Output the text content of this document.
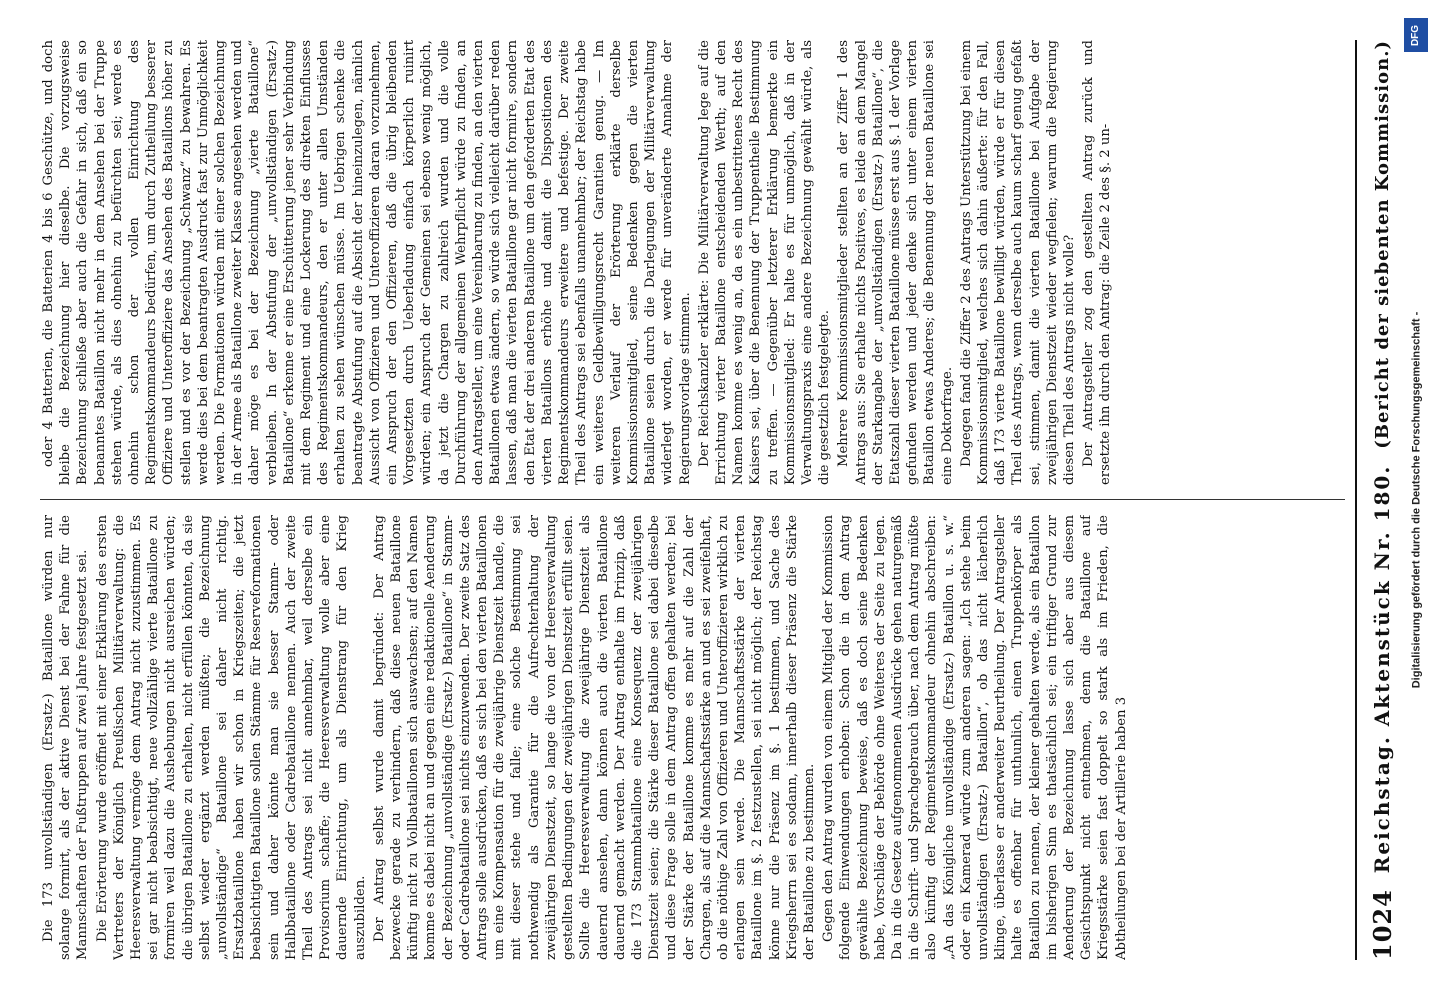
1024
Reichstag. Aktenstück Nr. 180.
(Bericht der siebenten Kommission.)

Die 173 unvollständigen (Ersatz-) Bataillone würden nur solange formirt, als der aktive Dienst bei der Fahne für die Mannschaften der Fußtruppen auf zwei Jahre festgesetzt sei. Die Erörterung wurde eröffnet mit einer Erklärung des ersten Vertreters der Königlich Preußischen Militärverwaltung: die Heeresverwaltung vermöge dem Antrag nicht zuzustimmen. Es sei gar nicht beabsichtigt, neue vollzählige vierte Bataillone zu formiren weil dazu die Aushebungen nicht ausreichen würden; die übrigen Bataillone zu erhalten, nicht erfüllen könnten, da sie selbst wieder ergänzt werden müßten; die Bezeichnung „unvollständige“ Bataillone sei daher nicht richtig. Ersatzbataillone haben wir schon in Kriegszeiten; die jetzt beabsichtigten Bataillone sollen Stämme für Reserveformationen sein und daher könnte man sie besser Stamm- oder Halbbataillone oder Cadrebataillone nennen. Auch der zweite Theil des Antrags sei nicht annehmbar, weil derselbe ein Provisorium schaffe; die Heeresverwaltung wolle aber eine dauernde Einrichtung, um als Dienstrang für den Krieg auszubilden. Der Antrag selbst wurde damit begründet: Der Antrag bezwecke gerade zu verhindern, daß diese neuen Bataillone künftig nicht zu Vollbataillonen sich auswachsen; auf den Namen komme es dabei nicht an und gegen eine redaktionelle Aenderung der Bezeichnung „unvollständige (Ersatz-) Bataillone“ in Stamm- oder Cadrebataillone sei nichts einzuwenden. Der zweite Satz des Antrags solle ausdrücken, daß es sich bei den vierten Bataillonen um eine Kompensation für die zweijährige Dienstzeit handle, die mit dieser stehe und falle; eine solche Bestimmung sei nothwendig als Garantie für die Aufrechterhaltung der zweijährigen Dienstzeit, so lange die von der Heeresverwaltung gestellten Bedingungen der zweijährigen Dienstzeit erfüllt seien. Sollte die Heeresverwaltung die zweijährige Dienstzeit als dauernd ansehen, dann können auch die vierten Bataillone dauernd gemacht werden. Der Antrag enthalte im Prinzip, daß die 173 Stammbataillone eine Konsequenz der zweijährigen Dienstzeit seien; die Stärke dieser Bataillone sei dabei dieselbe und diese Frage solle in dem Antrag offen gehalten werden; bei der Stärke der Bataillone komme es mehr auf die Zahl der Chargen, als auf die Mannschaftsstärke an und es sei zweifelhaft, ob die nöthige Zahl von Offizieren und Unteroffizieren wirklich zu erlangen sein werde. Die Mannschaftsstärke der vierten Bataillone im §. 2 festzustellen, sei nicht möglich; der Reichstag könne nur die Präsenz im §. 1 bestimmen, und Sache des Kriegsherrn sei es sodann, innerhalb dieser Präsenz die Stärke der Bataillone zu bestimmen. Gegen den Antrag wurden von einem Mitglied der Kommission folgende Einwendungen erhoben: Schon die in dem Antrag gewählte Bezeichnung beweise, daß es doch seine Bedenken habe, Vorschläge der Behörde ohne Weiteres der Seite zu legen. Da in die Gesetze aufgenommenen Ausdrücke gehen naturgemäß in die Schrift- und Sprachgebrauch über, nach dem Antrag müßte also künftig der Regimentskommandeur ohnehin abschreiben: „An das Königliche unvollständige (Ersatz-) Bataillon u. s. w.“ oder ein Kamerad würde zum anderen sagen: „Ich stehe beim unvollständigen (Ersatz-) Bataillon“, ob das nicht lächerlich klinge, überlasse er anderweiter Beurtheilung. Der Antragsteller halte es offenbar für unthunlich, einen Truppenkörper als Bataillon zu nennen, der kleiner gehalten werde, als ein Bataillon im bisherigen Sinn es thatsächlich sei; ein triftiger Grund zur Aenderung der Bezeichnung lasse sich aber aus diesem Gesichtspunkt nicht entnehmen, denn die Bataillone auf Kriegsstärke seien fast doppelt so stark als im Frieden, die Abtheilungen bei der Artillerie haben 3

oder 4 Batterien, die Batterien 4 bis 6 Geschütze, und doch bleibe die Bezeichnung hier dieselbe. Die vorzugsweise Bezeichnung schließe aber auch die Gefahr in sich, daß ein so benanntes Bataillon nicht mehr in dem Ansehen bei der Truppe stehen würde, als dies ohnehin zu befürchten sei; werde es ohnehin schon der vollen Einrichtung des Regimentskommandeurs bedürfen, um durch Zutheilung besserer Offiziere und Unteroffiziere das Ansehen des Bataillons höher zu stellen und es vor der Bezeichnung „Schwanz“ zu bewahren. Es werde dies bei dem beantragten Ausdruck fast zur Unmöglichkeit werden. Die Formationen würden mit einer solchen Bezeichnung in der Armee als Bataillone zweiter Klasse angesehen werden und daher möge es bei der Bezeichnung „vierte Bataillone“ verbleiben. In der Abstufung der „unvollständigen (Ersatz-) Bataillone“ erkenne er eine Erschütterung jener sehr Verbindung mit dem Regiment und eine Lockerung des direkten Einflusses des Regimentskommandeurs, den er unter allen Umständen erhalten zu sehen wünschen müsse. Im Uebrigen schenke die beantragte Abstufung auf die Absicht der hineinzulegen, nämlich Aussicht von Offizieren und Unteroffizieren daran vorzunehmen, ein Anspruch der den Offizieren, daß die übrig bleibenden Vorgesetzten durch Ueberladung einfach körperlich ruinirt würden; ein Anspruch der Gemeinen sei ebenso wenig möglich, da jetzt die Chargen zu zahlreich wurden und die volle Durchführung der allgemeinen Wehrpflicht würde zu finden, an den Antragsteller, um eine Vereinbarung zu finden, an den vierten Bataillonen etwas ändern, so würde sich vielleicht darüber reden lassen, daß man die vierten Bataillone gar nicht formire, sondern den Etat der drei anderen Bataillone um den geforderten Etat des vierten Bataillons erhöhe und damit die Dispositionen des Regimentskommandeurs erweitere und befestige. Der zweite Theil des Antrags sei ebenfalls unannehmbar; der Reichstag habe ein weiteres Geldbewilligungsrecht Garantien genug. — Im weiteren Verlauf der Erörterung erklärte derselbe Kommissionsmitglied, seine Bedenken gegen die vierten Bataillone seien durch die Darlegungen der Militärverwaltung widerlegt worden, er werde für unveränderte Annahme der Regierungsvorlage stimmen. Der Reichskanzler erklärte: Die Militärverwaltung lege auf die Errichtung vierter Bataillone entscheidenden Werth; auf den Namen komme es wenig an, da es ein unbestrittenes Recht des Kaisers sei, über die Benennung der Truppentheile Bestimmung zu treffen. — Gegenüber letzterer Erklärung bemerkte ein Kommissionsmitglied: Er halte es für unmöglich, daß in der Verwaltungspraxis eine andere Bezeichnung gewählt würde, als die gesetzlich festgelegte. Mehrere Kommissionsmitglieder stellten an der Ziffer 1 des Antrags aus: Sie erhalte nichts Positives, es leide an dem Mangel der Starkangabe der „unvollständigen (Ersatz-) Bataillone“, die Etatszahl dieser vierten Bataillone müsse erst aus §. 1 der Vorlage gefunden werden und jeder denke sich unter einem vierten Bataillon etwas Anderes; die Benennung der neuen Bataillone sei eine Doktorfrage. Dagegen fand die Ziffer 2 des Antrags Unterstützung bei einem Kommissionsmitglied, welches sich dahin äußerte: für den Fall, daß 173 vierte Bataillone bewilligt würden, würde er für diesen Theil des Antrags, wenn derselbe auch kaum scharf genug gefaßt sei, stimmen, damit die vierten Bataillone bei Aufgabe der zweijährigen Dienstzeit wieder wegfielen; warum die Regierung diesen Theil des Antrags nicht wolle? Der Antragsteller zog den gestellten Antrag zurück und ersetzte ihn durch den Antrag: die Zeile 2 des §. 2 un-

Digitalisierung gefördert durch die Deutsche Forschungsgemeinschaft -
DFG
